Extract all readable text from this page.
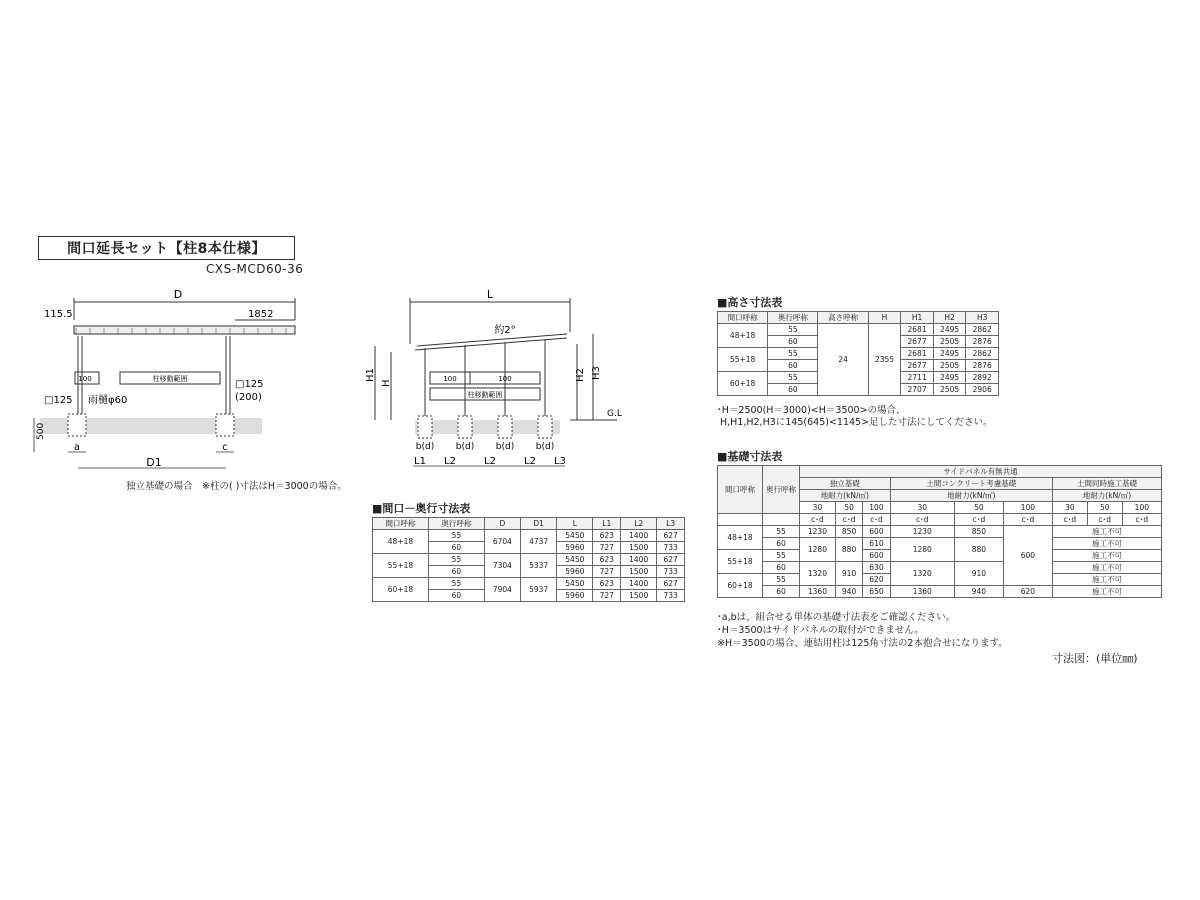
間口延長セット【柱8本仕様】
CXS-MCD60-36
D
115.5	1852
100	柱移動範囲	□125
(200)
□125 雨樋φ60
500
a	c
D1
独立基礎の場合　※柱の( )寸法はH＝3000の場合。
L
約2°
H1
H
H2 H3
G.L
100	100
柱移動範囲
b(d) b(d) b(d) b(d)
L1 L2	L2	L2 L3
■間口－奥行寸法表
間口呼称	奥行呼称	D	D1	L	L1	L2	L3
48+18	55	6704	4737	5450	623	1400	627
	60			5960	727	1500	733
55+18	55	7304	5337	5450	623	1400	627
	60			5960	727	1500	733
60+18	55	7904	5937	5450	623	1400	627
	60			5960	727	1500	733
■高さ寸法表
間口呼称	奥行呼称	高さ呼称	H	H1	H2	H3
48+18	55	24	2355	2681	2495	2862
	60			2677	2505	2876
55+18	55			2681	2495	2862
	60			2677	2505	2876
60+18	55			2711	2495	2892
	60			2707	2505	2906
･H＝2500(H＝3000)<H＝3500>の場合、
H,H1,H2,H3に145(645)<1145>足した寸法にしてください。
■基礎寸法表
間口呼称	奥行呼称	サイドパネル有無共通								
		独立基礎			土間コンクリート考慮基礎			土間同時施工基礎		
		地耐力(kN/㎡)			地耐力(kN/㎡)			地耐力(kN/㎡)		
		30	50	100	30	50	100	30	50	100
		c･d	c･d	c･d	c･d	c･d	c･d	c･d	c･d	c･d
48+18	55	1230	850	600	1230	850	600	施工不可		
	60	1280	880	610	1280	880		施工不可		
55+18	55			600				施工不可		
	60	1320	910	630	1320	910		施工不可		
60+18	55			620				施工不可		
	60	1360	940	650	1360	940	620	施工不可		
･a,bは、組合せる単体の基礎寸法表をご確認ください。
･H＝3500はサイドパネルの取付ができません。
※H＝3500の場合、連結用柱は125角寸法の2本抱合せになります。
寸法図：(単位㎜)
